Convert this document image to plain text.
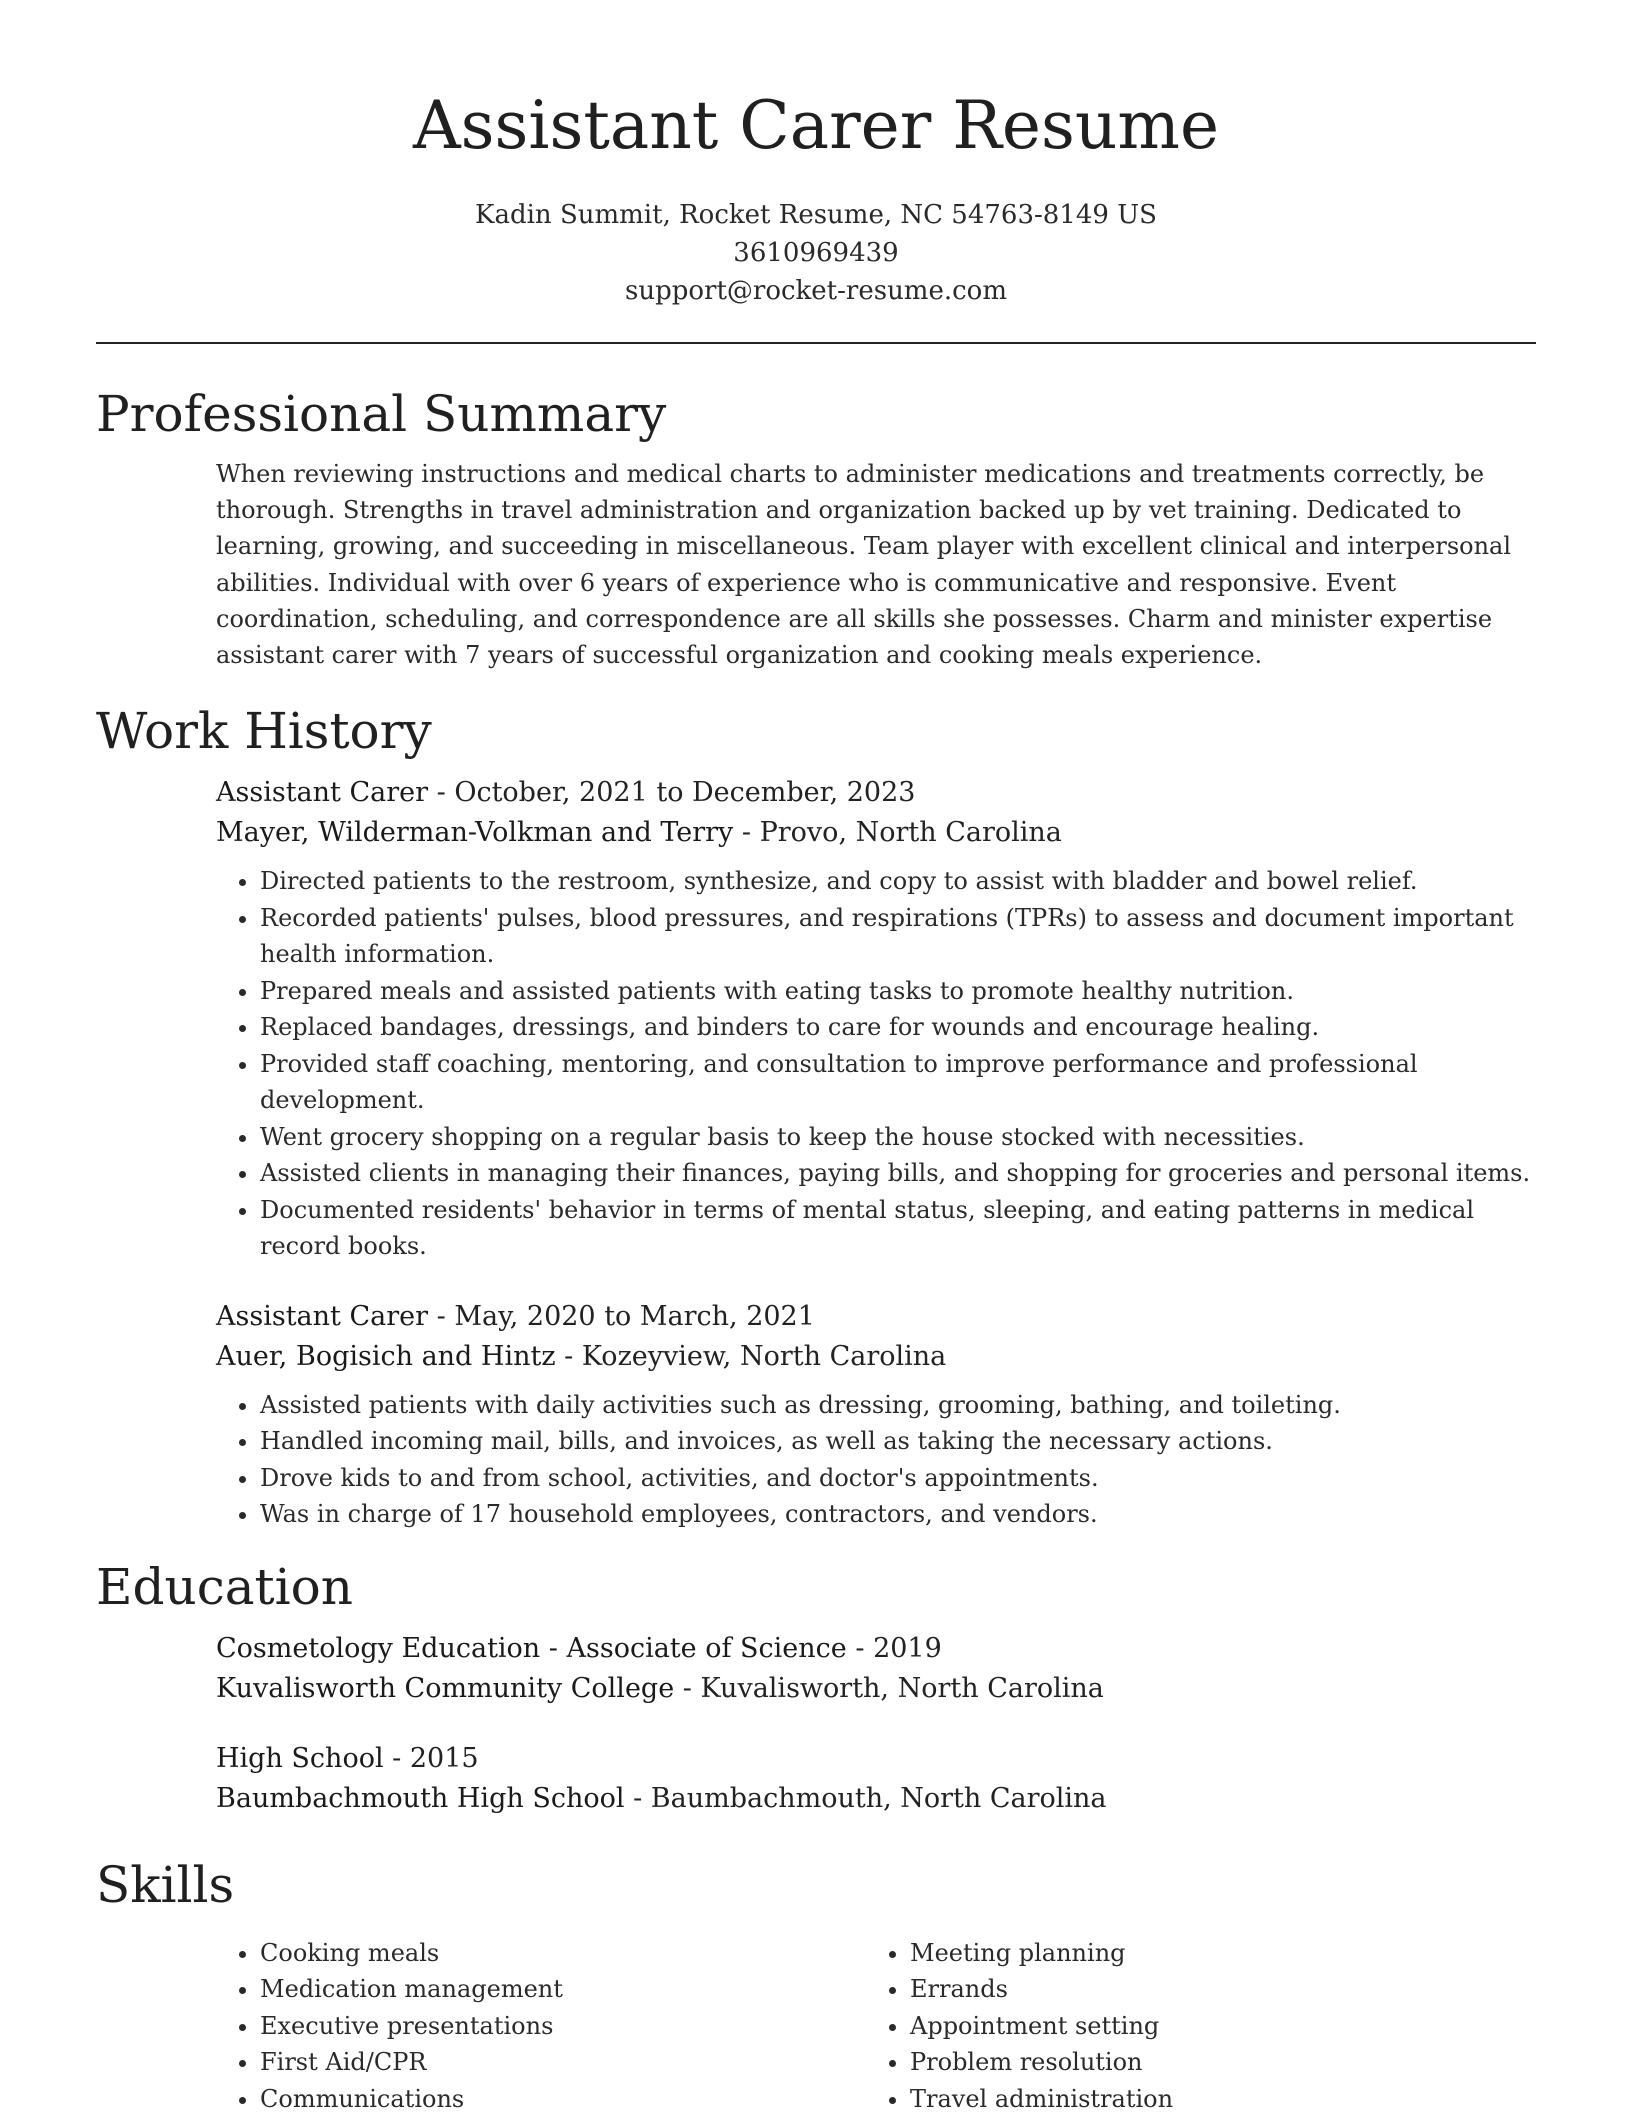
Assistant Carer Resume

Kadin Summit, Rocket Resume, NC 54763-8149 US

3610969439

support@rocket-resume.com

Professional Summary

When reviewing instructions and medical charts to administer medications and treatments correctly, be thorough. Strengths in travel administration and organization backed up by vet training. Dedicated to learning, growing, and succeeding in miscellaneous. Team player with excellent clinical and interpersonal abilities. Individual with over 6 years of experience who is communicative and responsive. Event coordination, scheduling, and correspondence are all skills she possesses. Charm and minister expertise assistant carer with 7 years of successful organization and cooking meals experience.

Work History

Assistant Carer - October, 2021 to December, 2023

Mayer, Wilderman-Volkman and Terry - Provo, North Carolina

• Directed patients to the restroom, synthesize, and copy to assist with bladder and bowel relief.
• Recorded patients' pulses, blood pressures, and respirations (TPRs) to assess and document important health information.
• Prepared meals and assisted patients with eating tasks to promote healthy nutrition.
• Replaced bandages, dressings, and binders to care for wounds and encourage healing.
• Provided staff coaching, mentoring, and consultation to improve performance and professional development.
• Went grocery shopping on a regular basis to keep the house stocked with necessities.
• Assisted clients in managing their finances, paying bills, and shopping for groceries and personal items.
• Documented residents' behavior in terms of mental status, sleeping, and eating patterns in medical record books.

Assistant Carer - May, 2020 to March, 2021

Auer, Bogisich and Hintz - Kozeyview, North Carolina

• Assisted patients with daily activities such as dressing, grooming, bathing, and toileting.
• Handled incoming mail, bills, and invoices, as well as taking the necessary actions.
• Drove kids to and from school, activities, and doctor's appointments.
• Was in charge of 17 household employees, contractors, and vendors.
Education

Cosmetology Education - Associate of Science - 2019

Kuvalisworth Community College - Kuvalisworth, North Carolina

High School - 2015

Baumbachmouth High School - Baumbachmouth, North Carolina

Skills
• Cooking meals
• Medication management
• Executive presentations
• First Aid/CPR
• Communications
• Meeting planning
• Errands
• Appointment setting
• Problem resolution
• Travel administration
